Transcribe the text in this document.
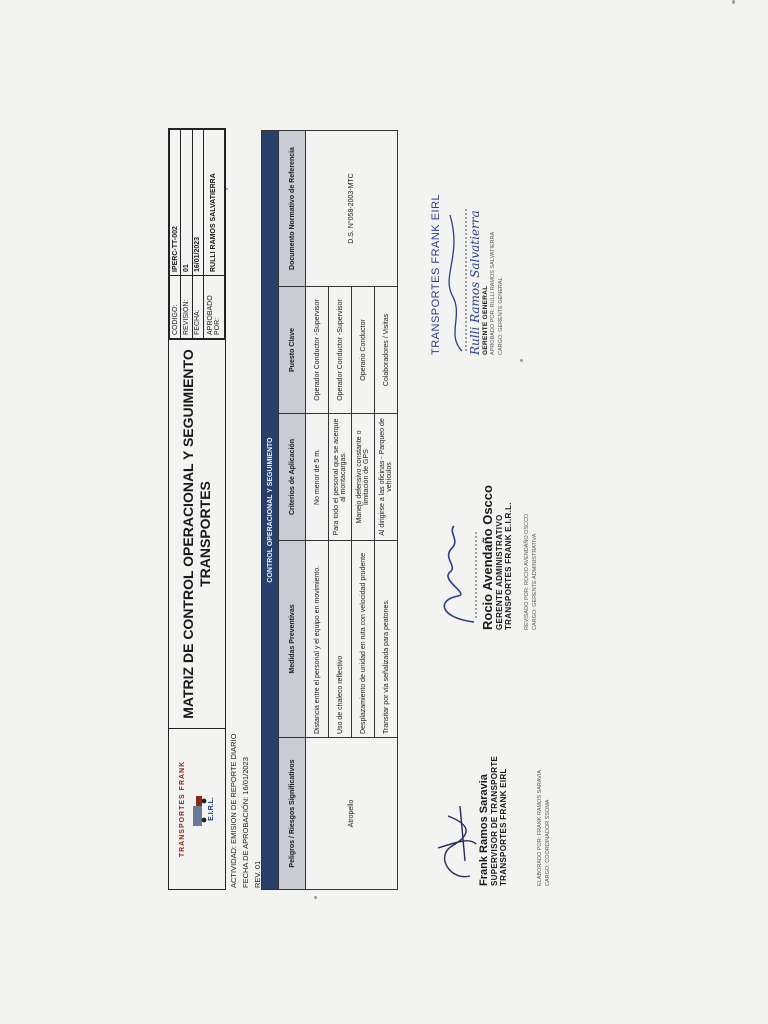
TRANSPORTES FRANK	E.I.R.L.
MATRIZ DE CONTROL OPERACIONAL Y SEGUIMIENTO TRANSPORTES
CODIGO:	IPERC-TT-002
REVISIÓN:	01
FECHA:	16/01/2023
APROBADO POR:	RULLI RAMOS SALVATIERRA
ACTIVIDAD: EMISION DE REPORTE DIARIO FECHA DE APROBACIÓN: 16/01/2023 REV. 01
CONTROL OPERACIONAL Y SEGUIMIENTO				
Peligros / Riesgos Significativos	Medidas Preventivas	Criterios de Aplicación	Puesto Clave	Documento Normativo de Referencia
Atropello	Distancia entre el personal y el equipo en movimiento.	No menor de 5 m.	Operador Conductor -Supervisor	D.S. N°058-2003-MTC
	Uso de chaleco reflectivo	Para todo el personal que se acerque al montacargas.	Operador Conductor -Supervisor	
	Desplazamiento de unidad en ruta con velocidad prudente	Manejo defensivo constante o limitación de GPS	Operario Conductor	
	Transitar por vía señalizada para peatones.	Al dirigirse a las oficinas - Parqueo de vehículos	Colaboradores / Visitas	
Frank Ramos Saravia SUPERVISOR DE TRANSPORTE TRANSPORTES FRANK EIRL	ELABORADO POR: FRANK RAMOS SARAVIA CARGO: COORDINADOR SSOMA
Rocio Avendaño Oscco GERENTE ADMINISTRATIVO TRANSPORTES FRANK E.I.R.L. REVISADO POR: ROCIO AVENDAÑO OSCCO CARGO: GERENTE ADMINISTRATIVA
TRANSPORTES FRANK EIRL Rulli Ramos Salvatierra GERENTE GENERAL APROBADO POR: RULLI RAMOS SALVATIERRA CARGO: GERENTE GENERAL
